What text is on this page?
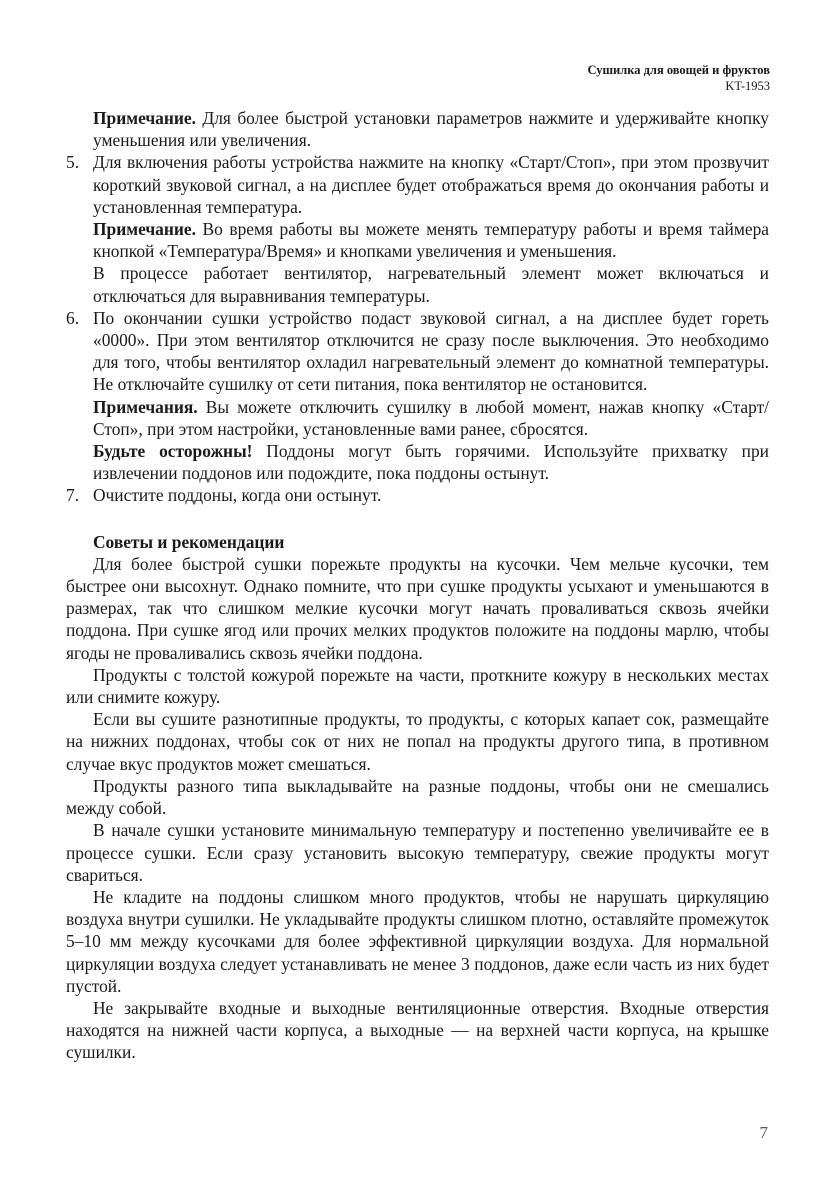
Сушилка для овощей и фруктов
KT-1953

Примечание. Для более быстрой установки параметров нажмите и удерживайте кнопку уменьшения или увеличения.

5. Для включения работы устройства нажмите на кнопку «Старт/Стоп», при этом прозвучит короткий звуковой сигнал, а на дисплее будет отображаться время до окончания работы и установленная температура.

Примечание. Во время работы вы можете менять температуру работы и время таймера кнопкой «Температура/Время» и кнопками увеличения и уменьшения.

В процессе работает вентилятор, нагревательный элемент может включаться и отключаться для выравнивания температуры.

6. По окончании сушки устройство подаст звуковой сигнал, а на дисплее будет гореть «0000». При этом вентилятор отключится не сразу после выключения. Это необходимо для того, чтобы вентилятор охладил нагревательный элемент до комнатной температуры. Не отключайте сушилку от сети питания, пока вентилятор не остановится.

Примечания. Вы можете отключить сушилку в любой момент, нажав кнопку «Старт/Стоп», при этом настройки, установленные вами ранее, сбросятся.

Будьте осторожны! Поддоны могут быть горячими. Используйте прихватку при извлечении поддонов или подождите, пока поддоны остынут.

7. Очистите поддоны, когда они остынут.

Советы и рекомендации

Для более быстрой сушки порежьте продукты на кусочки. Чем мельче кусочки, тем быстрее они высохнут. Однако помните, что при сушке продукты усыхают и уменьшаются в размерах, так что слишком мелкие кусочки могут начать проваливаться сквозь ячейки поддона. При сушке ягод или прочих мелких продуктов положите на поддоны марлю, чтобы ягоды не проваливались сквозь ячейки поддона.

Продукты с толстой кожурой порежьте на части, проткните кожуру в нескольких местах или снимите кожуру.

Если вы сушите разнотипные продукты, то продукты, с которых капает сок, размещайте на нижних поддонах, чтобы сок от них не попал на продукты другого типа, в противном случае вкус продуктов может смешаться.

Продукты разного типа выкладывайте на разные поддоны, чтобы они не смешались между собой.

В начале сушки установите минимальную температуру и постепенно увеличивайте ее в процессе сушки. Если сразу установить высокую температуру, свежие продукты могут свариться.

Не кладите на поддоны слишком много продуктов, чтобы не нарушать циркуляцию воздуха внутри сушилки. Не укладывайте продукты слишком плотно, оставляйте промежуток 5–10 мм между кусочками для более эффективной циркуляции воздуха. Для нормальной циркуляции воздуха следует устанавливать не менее 3 поддонов, даже если часть из них будет пустой.

Не закрывайте входные и выходные вентиляционные отверстия. Входные отверстия находятся на нижней части корпуса, а выходные — на верхней части корпуса, на крышке сушилки.

7
